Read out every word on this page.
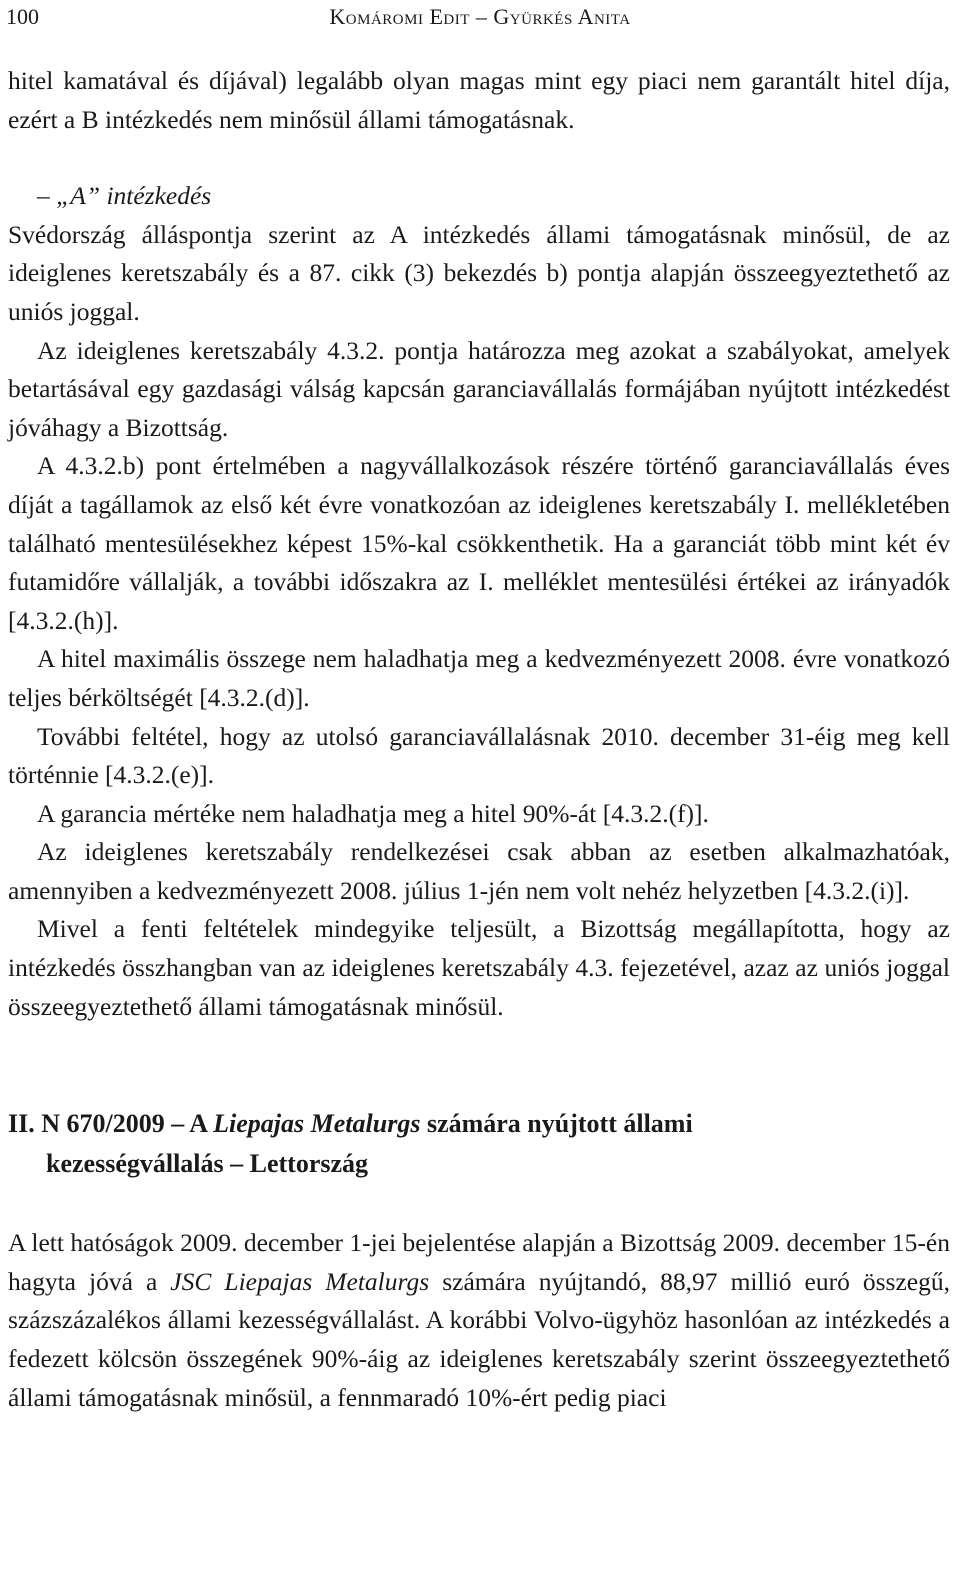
100	Komáromi Edit – Gyürkés Anita

hitel kamatával és díjával) legalább olyan magas mint egy piaci nem garantált hitel díja, ezért a B intézkedés nem minősül állami támogatásnak.

– „A” intézkedés

Svédország álláspontja szerint az A intézkedés állami támogatásnak minősül, de az ideiglenes keretszabály és a 87. cikk (3) bekezdés b) pontja alapján összeegyeztethető az uniós joggal.

Az ideiglenes keretszabály 4.3.2. pontja határozza meg azokat a szabályokat, amelyek betartásával egy gazdasági válság kapcsán garanciavállalás formájában nyújtott intézkedést jóváhagy a Bizottság.

A 4.3.2.b) pont értelmében a nagyvállalkozások részére történő garanciavállalás éves díját a tagállamok az első két évre vonatkozóan az ideiglenes keretszabály I. mellékletében található mentesülésekhez képest 15%-kal csökkenthetik. Ha a garanciát több mint két év futamidőre vállalják, a további időszakra az I. melléklet mentesülési értékei az irányadók [4.3.2.(h)].

A hitel maximális összege nem haladhatja meg a kedvezményezett 2008. évre vonatkozó teljes bérköltségét [4.3.2.(d)].

További feltétel, hogy az utolsó garanciavállalásnak 2010. december 31-éig meg kell történnie [4.3.2.(e)].

A garancia mértéke nem haladhatja meg a hitel 90%-át [4.3.2.(f)].

Az ideiglenes keretszabály rendelkezései csak abban az esetben alkalmazhatóak, amennyiben a kedvezményezett 2008. július 1-jén nem volt nehéz helyzetben [4.3.2.(i)].

Mivel a fenti feltételek mindegyike teljesült, a Bizottság megállapította, hogy az intézkedés összhangban van az ideiglenes keretszabály 4.3. fejezetével, azaz az uniós joggal összeegyeztethető állami támogatásnak minősül.

II. N 670/2009 – A Liepajas Metalurgs számára nyújtott állami
kezességvállalás – Lettország

A lett hatóságok 2009. december 1-jei bejelentése alapján a Bizottság 2009. december 15-én hagyta jóvá a JSC Liepajas Metalurgs számára nyújtandó, 88,97 millió euró összegű, százszázalékos állami kezességvállalást. A korábbi Volvo-ügyhöz hasonlóan az intézkedés a fedezett kölcsön összegének 90%-áig az ideiglenes keretszabály szerint összeegyeztethető állami támogatásnak minősül, a fennmaradó 10%-ért pedig piaci
